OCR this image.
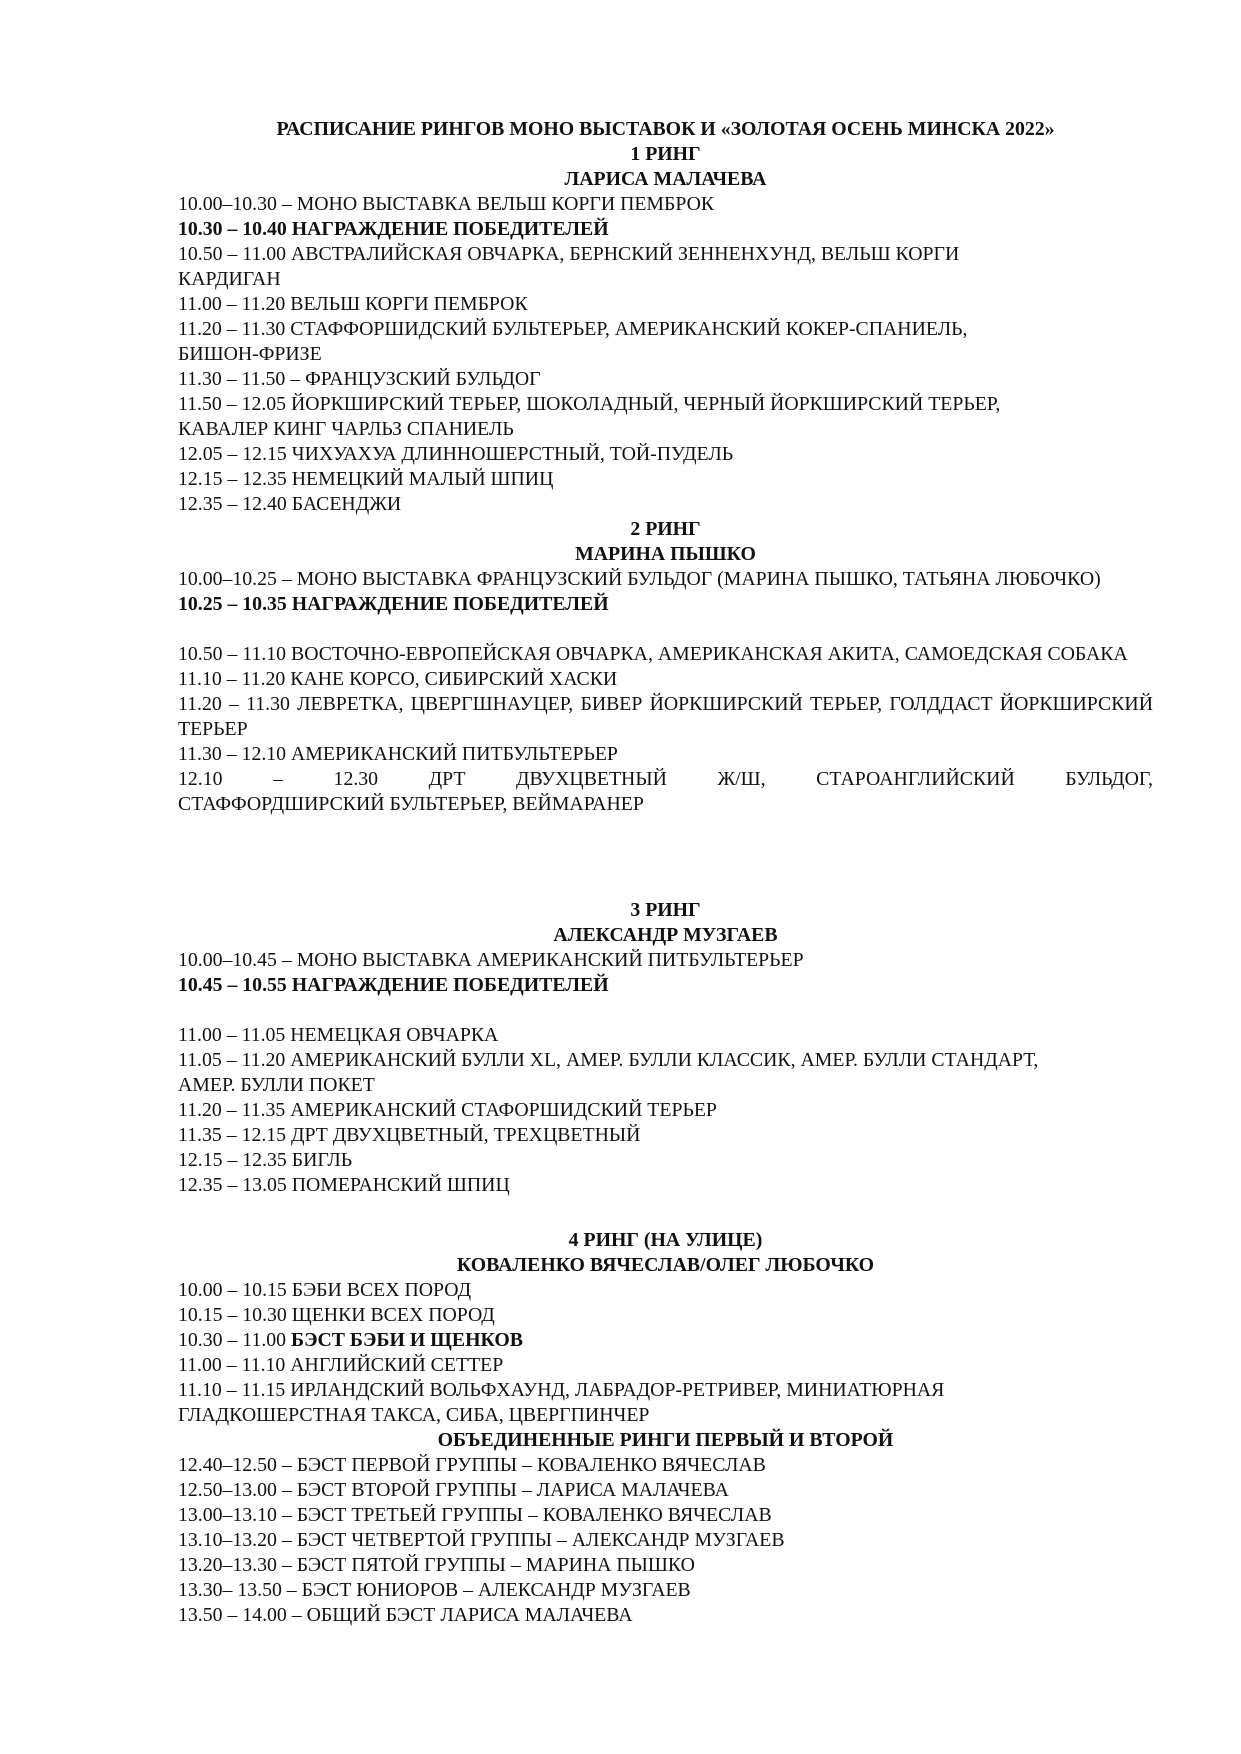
РАСПИСАНИЕ РИНГОВ МОНО ВЫСТАВОК И «ЗОЛОТАЯ ОСЕНЬ МИНСКА 2022»
1 РИНГ
ЛАРИСА МАЛАЧЕВА
10.00–10.30 – МОНО ВЫСТАВКА ВЕЛЬШ КОРГИ ПЕМБРОК
10.30 – 10.40 НАГРАЖДЕНИЕ ПОБЕДИТЕЛЕЙ
10.50 – 11.00 АВСТРАЛИЙСКАЯ ОВЧАРКА, БЕРНСКИЙ ЗЕННЕНХУНД, ВЕЛЬШ КОРГИ
КАРДИГАН
11.00 – 11.20 ВЕЛЬШ КОРГИ ПЕМБРОК
11.20 – 11.30 СТАФФОРШИДСКИЙ БУЛЬТЕРЬЕР, АМЕРИКАНСКИЙ КОКЕР-СПАНИЕЛЬ,
БИШОН-ФРИЗЕ
11.30 – 11.50 – ФРАНЦУЗСКИЙ БУЛЬДОГ
11.50 – 12.05 ЙОРКШИРСКИЙ ТЕРЬЕР, ШОКОЛАДНЫЙ, ЧЕРНЫЙ ЙОРКШИРСКИЙ ТЕРЬЕР,
КАВАЛЕР КИНГ ЧАРЛЬЗ СПАНИЕЛЬ
12.05 – 12.15 ЧИХУАХУА ДЛИННОШЕРСТНЫЙ, ТОЙ-ПУДЕЛЬ
12.15 – 12.35 НЕМЕЦКИЙ МАЛЫЙ ШПИЦ
12.35 – 12.40 БАСЕНДЖИ
2 РИНГ
МАРИНА ПЫШКО
10.00–10.25 – МОНО ВЫСТАВКА ФРАНЦУЗСКИЙ БУЛЬДОГ (МАРИНА ПЫШКО, ТАТЬЯНА ЛЮБОЧКО)
10.25 – 10.35 НАГРАЖДЕНИЕ ПОБЕДИТЕЛЕЙ
10.50 – 11.10 ВОСТОЧНО-ЕВРОПЕЙСКАЯ ОВЧАРКА, АМЕРИКАНСКАЯ АКИТА, САМОЕДСКАЯ СОБАКА
11.10 – 11.20 КАНЕ КОРСО, СИБИРСКИЙ ХАСКИ
11.20 – 11.30 ЛЕВРЕТКА, ЦВЕРГШНАУЦЕР, БИВЕР ЙОРКШИРСКИЙ ТЕРЬЕР, ГОЛДДАСТ ЙОРКШИРСКИЙ ТЕРЬЕР
11.30 – 12.10 АМЕРИКАНСКИЙ ПИТБУЛЬТЕРЬЕР
12.10 – 12.30 ДРТ ДВУХЦВЕТНЫЙ Ж/Ш, СТАРОАНГЛИЙСКИЙ БУЛЬДОГ,
СТАФФОРДШИРСКИЙ БУЛЬТЕРЬЕР, ВЕЙМАРАНЕР
3 РИНГ
АЛЕКСАНДР МУЗГАЕВ
10.00–10.45 – МОНО ВЫСТАВКА АМЕРИКАНСКИЙ ПИТБУЛЬТЕРЬЕР
10.45 – 10.55 НАГРАЖДЕНИЕ ПОБЕДИТЕЛЕЙ
11.00 – 11.05 НЕМЕЦКАЯ ОВЧАРКА
11.05 – 11.20 АМЕРИКАНСКИЙ БУЛЛИ XL, АМЕР. БУЛЛИ КЛАССИК, АМЕР. БУЛЛИ СТАНДАРТ,
АМЕР. БУЛЛИ ПОКЕТ
11.20 – 11.35 АМЕРИКАНСКИЙ СТАФОРШИДСКИЙ ТЕРЬЕР
11.35 – 12.15 ДРТ ДВУХЦВЕТНЫЙ, ТРЕХЦВЕТНЫЙ
12.15 – 12.35 БИГЛЬ
12.35 – 13.05 ПОМЕРАНСКИЙ ШПИЦ
4 РИНГ (НА УЛИЦЕ)
КОВАЛЕНКО ВЯЧЕСЛАВ/ОЛЕГ ЛЮБОЧКО
10.00 – 10.15 БЭБИ ВСЕХ ПОРОД
10.15 – 10.30 ЩЕНКИ ВСЕХ ПОРОД
10.30 – 11.00 БЭСТ БЭБИ И ЩЕНКОВ
11.00 – 11.10 АНГЛИЙСКИЙ СЕТТЕР
11.10 – 11.15 ИРЛАНДСКИЙ ВОЛЬФХАУНД, ЛАБРАДОР-РЕТРИВЕР, МИНИАТЮРНАЯ
ГЛАДКОШЕРСТНАЯ ТАКСА, СИБА, ЦВЕРГПИНЧЕР
ОБЪЕДИНЕННЫЕ РИНГИ ПЕРВЫЙ И ВТОРОЙ
12.40–12.50 – БЭСТ ПЕРВОЙ ГРУППЫ – КОВАЛЕНКО ВЯЧЕСЛАВ
12.50–13.00 – БЭСТ ВТОРОЙ ГРУППЫ – ЛАРИСА МАЛАЧЕВА
13.00–13.10 – БЭСТ ТРЕТЬЕЙ ГРУППЫ – КОВАЛЕНКО ВЯЧЕСЛАВ
13.10–13.20 – БЭСТ ЧЕТВЕРТОЙ ГРУППЫ – АЛЕКСАНДР МУЗГАЕВ
13.20–13.30 – БЭСТ ПЯТОЙ ГРУППЫ – МАРИНА ПЫШКО
13.30– 13.50 – БЭСТ ЮНИОРОВ – АЛЕКСАНДР МУЗГАЕВ
13.50 – 14.00 – ОБЩИЙ БЭСТ ЛАРИСА МАЛАЧЕВА
